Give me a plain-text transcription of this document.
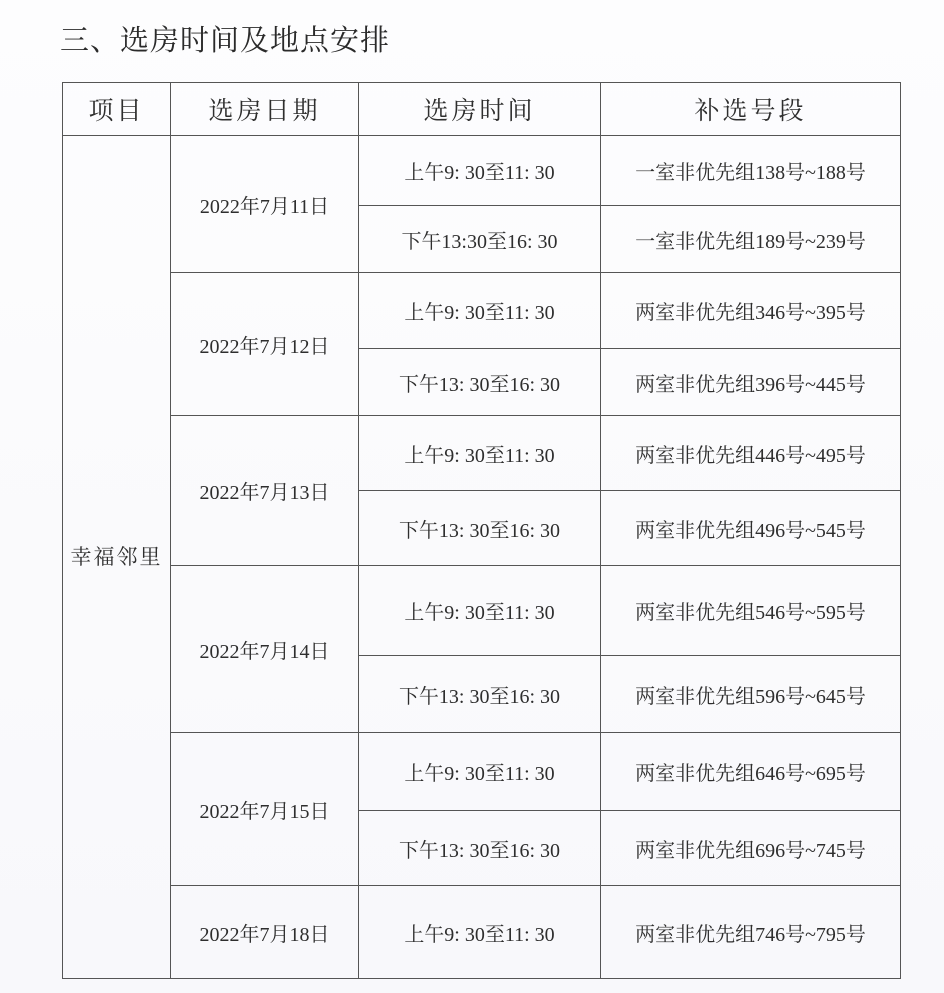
三、选房时间及地点安排
项目	选房日期	选房时间	补选号段
幸福邻里	2022年7月11日	上午9: 30至11: 30	一室非优先组138号~188号
		下午13:30至16: 30	一室非优先组189号~239号
	2022年7月12日	上午9: 30至11: 30	两室非优先组346号~395号
		下午13: 30至16: 30	两室非优先组396号~445号
	2022年7月13日	上午9: 30至11: 30	两室非优先组446号~495号
		下午13: 30至16: 30	两室非优先组496号~545号
	2022年7月14日	上午9: 30至11: 30	两室非优先组546号~595号
		下午13: 30至16: 30	两室非优先组596号~645号
	2022年7月15日	上午9: 30至11: 30	两室非优先组646号~695号
		下午13: 30至16: 30	两室非优先组696号~745号
	2022年7月18日	上午9: 30至11: 30	两室非优先组746号~795号
